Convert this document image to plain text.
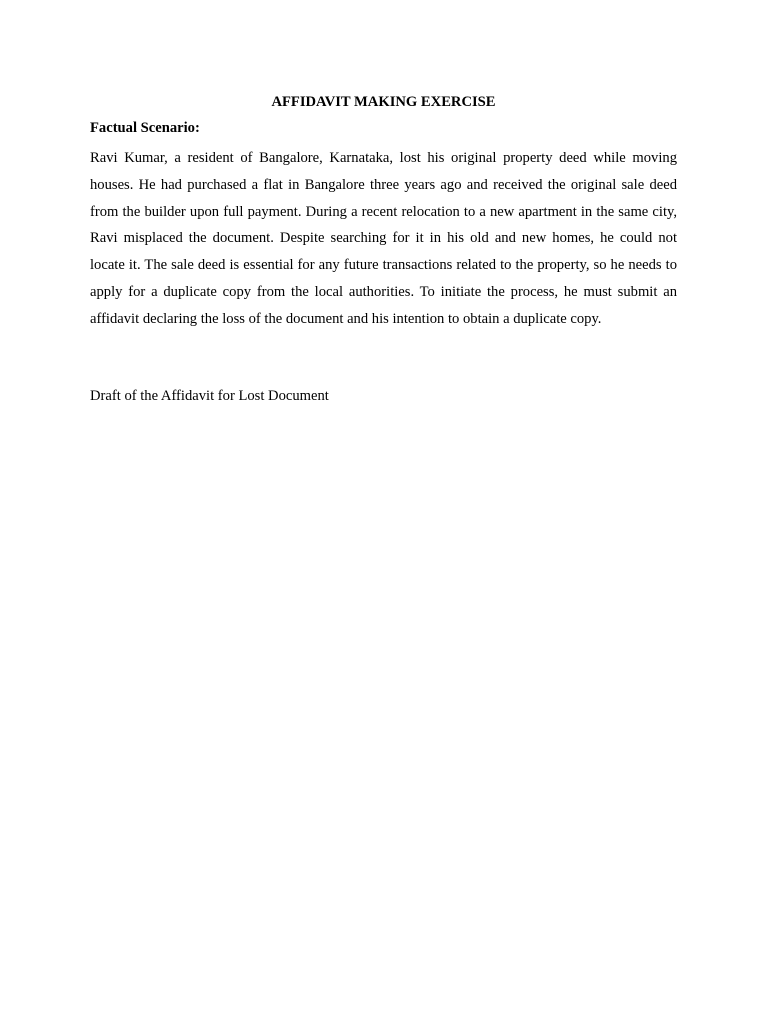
AFFIDAVIT MAKING EXERCISE
Factual Scenario:

Ravi Kumar, a resident of Bangalore, Karnataka, lost his original property deed while moving houses. He had purchased a flat in Bangalore three years ago and received the original sale deed from the builder upon full payment. During a recent relocation to a new apartment in the same city, Ravi misplaced the document. Despite searching for it in his old and new homes, he could not locate it. The sale deed is essential for any future transactions related to the property, so he needs to apply for a duplicate copy from the local authorities. To initiate the process, he must submit an affidavit declaring the loss of the document and his intention to obtain a duplicate copy.

Draft of the Affidavit for Lost Document
